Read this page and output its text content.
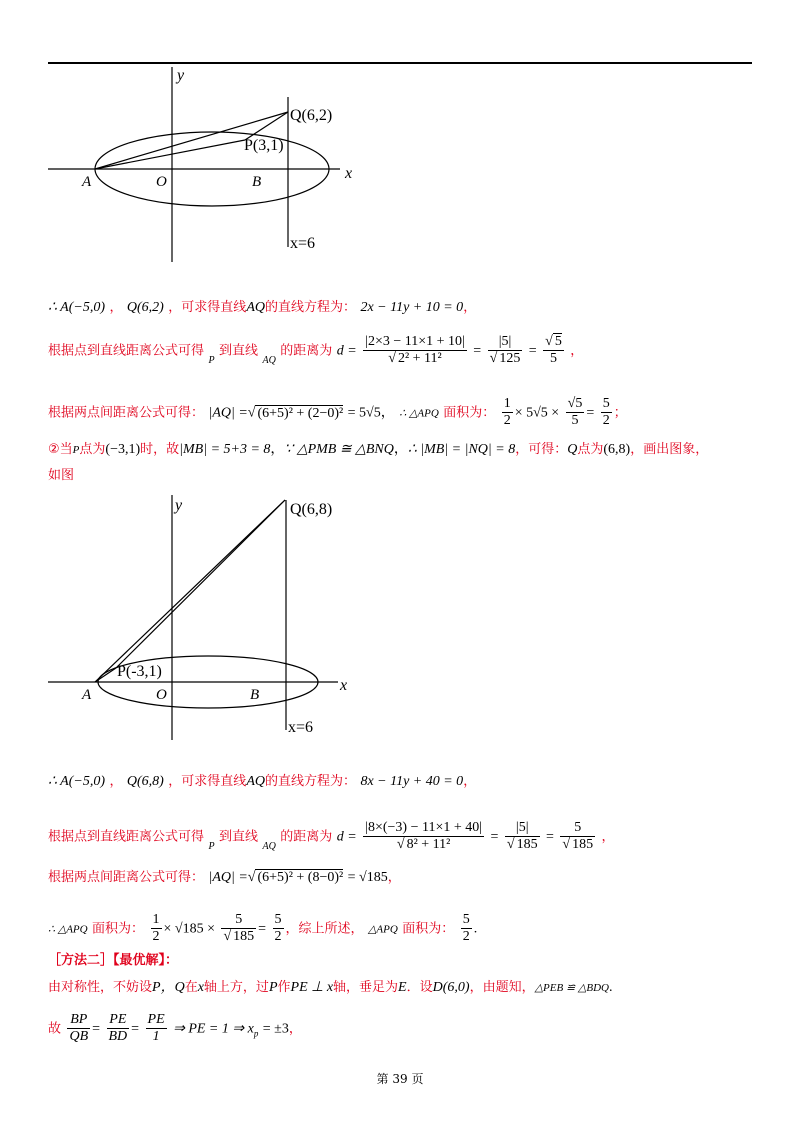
y
x
A	O	B
Q(6,2)
P(3,1)
x=6
∴ A(−5,0) ， Q(6,2) ，可求得直线AQ的直线方程为： 2x − 11y + 10 = 0，
根据点到直线距离公式可得 $_P$ 到直线 $_{AQ}$ 的距离为 $d = \frac{|2\times 3 - 11\times 1 + 10|}{\text{√ 2² + 11²}} = \frac{|5|}{√ 125} = \frac{√ 5}{5}$ ，
根据两点间距离公式可得： |AQ| =√ (6+5)² + (2−0)² = 5√5， ∴ △APQ 面积为： $\frac{1}{2} \times 5√5 \times \frac{√5}{5} = \frac{5}{2}$ ；
②当P点为(−3,1)时，故|MB| = 5+3 = 8，∵ △PMB ≅ △BNQ，∴ |MB| = |NQ| = 8，可得：Q点为(6,8)，画出图象，
如图
y
x
A	O	B
Q(6,8)
P(-3,1)
x=6
∴ A(−5,0) ， Q(6,8) ，可求得直线AQ的直线方程为： 8x − 11y + 40 = 0，
根据点到直线距离公式可得 $_P$ 到直线 $_{AQ}$ 的距离为 $d = \frac{|8\times(-3) - 11\times 1 + 40|}{\text{√ 8² + 11²}} = \frac{|5|}{√ 185} = \frac{5}{√ 185}$ ，
根据两点间距离公式可得： |AQ| =√ (6+5)² + (8−0)² = √185，
∴ △APQ 面积为： $\frac{1}{2} \times √185 \times \frac{5}{√ 185} = \frac{5}{2}$ ，综上所述， △APQ 面积为： $\frac{5}{2}$ .
［方法二］【最优解】：
由对称性，不妨设P，Q在x轴上方，过P作PE ⊥ x轴，垂足为E．设D(6,0)，由题知，△PEB ≌ △BDQ.
故 $\frac{BP}{QB} = \frac{PE}{BD} = \frac{PE}{1}$ ⇒ PE = 1 ⇒ $x_p = \pm 3$，
第 39 页
